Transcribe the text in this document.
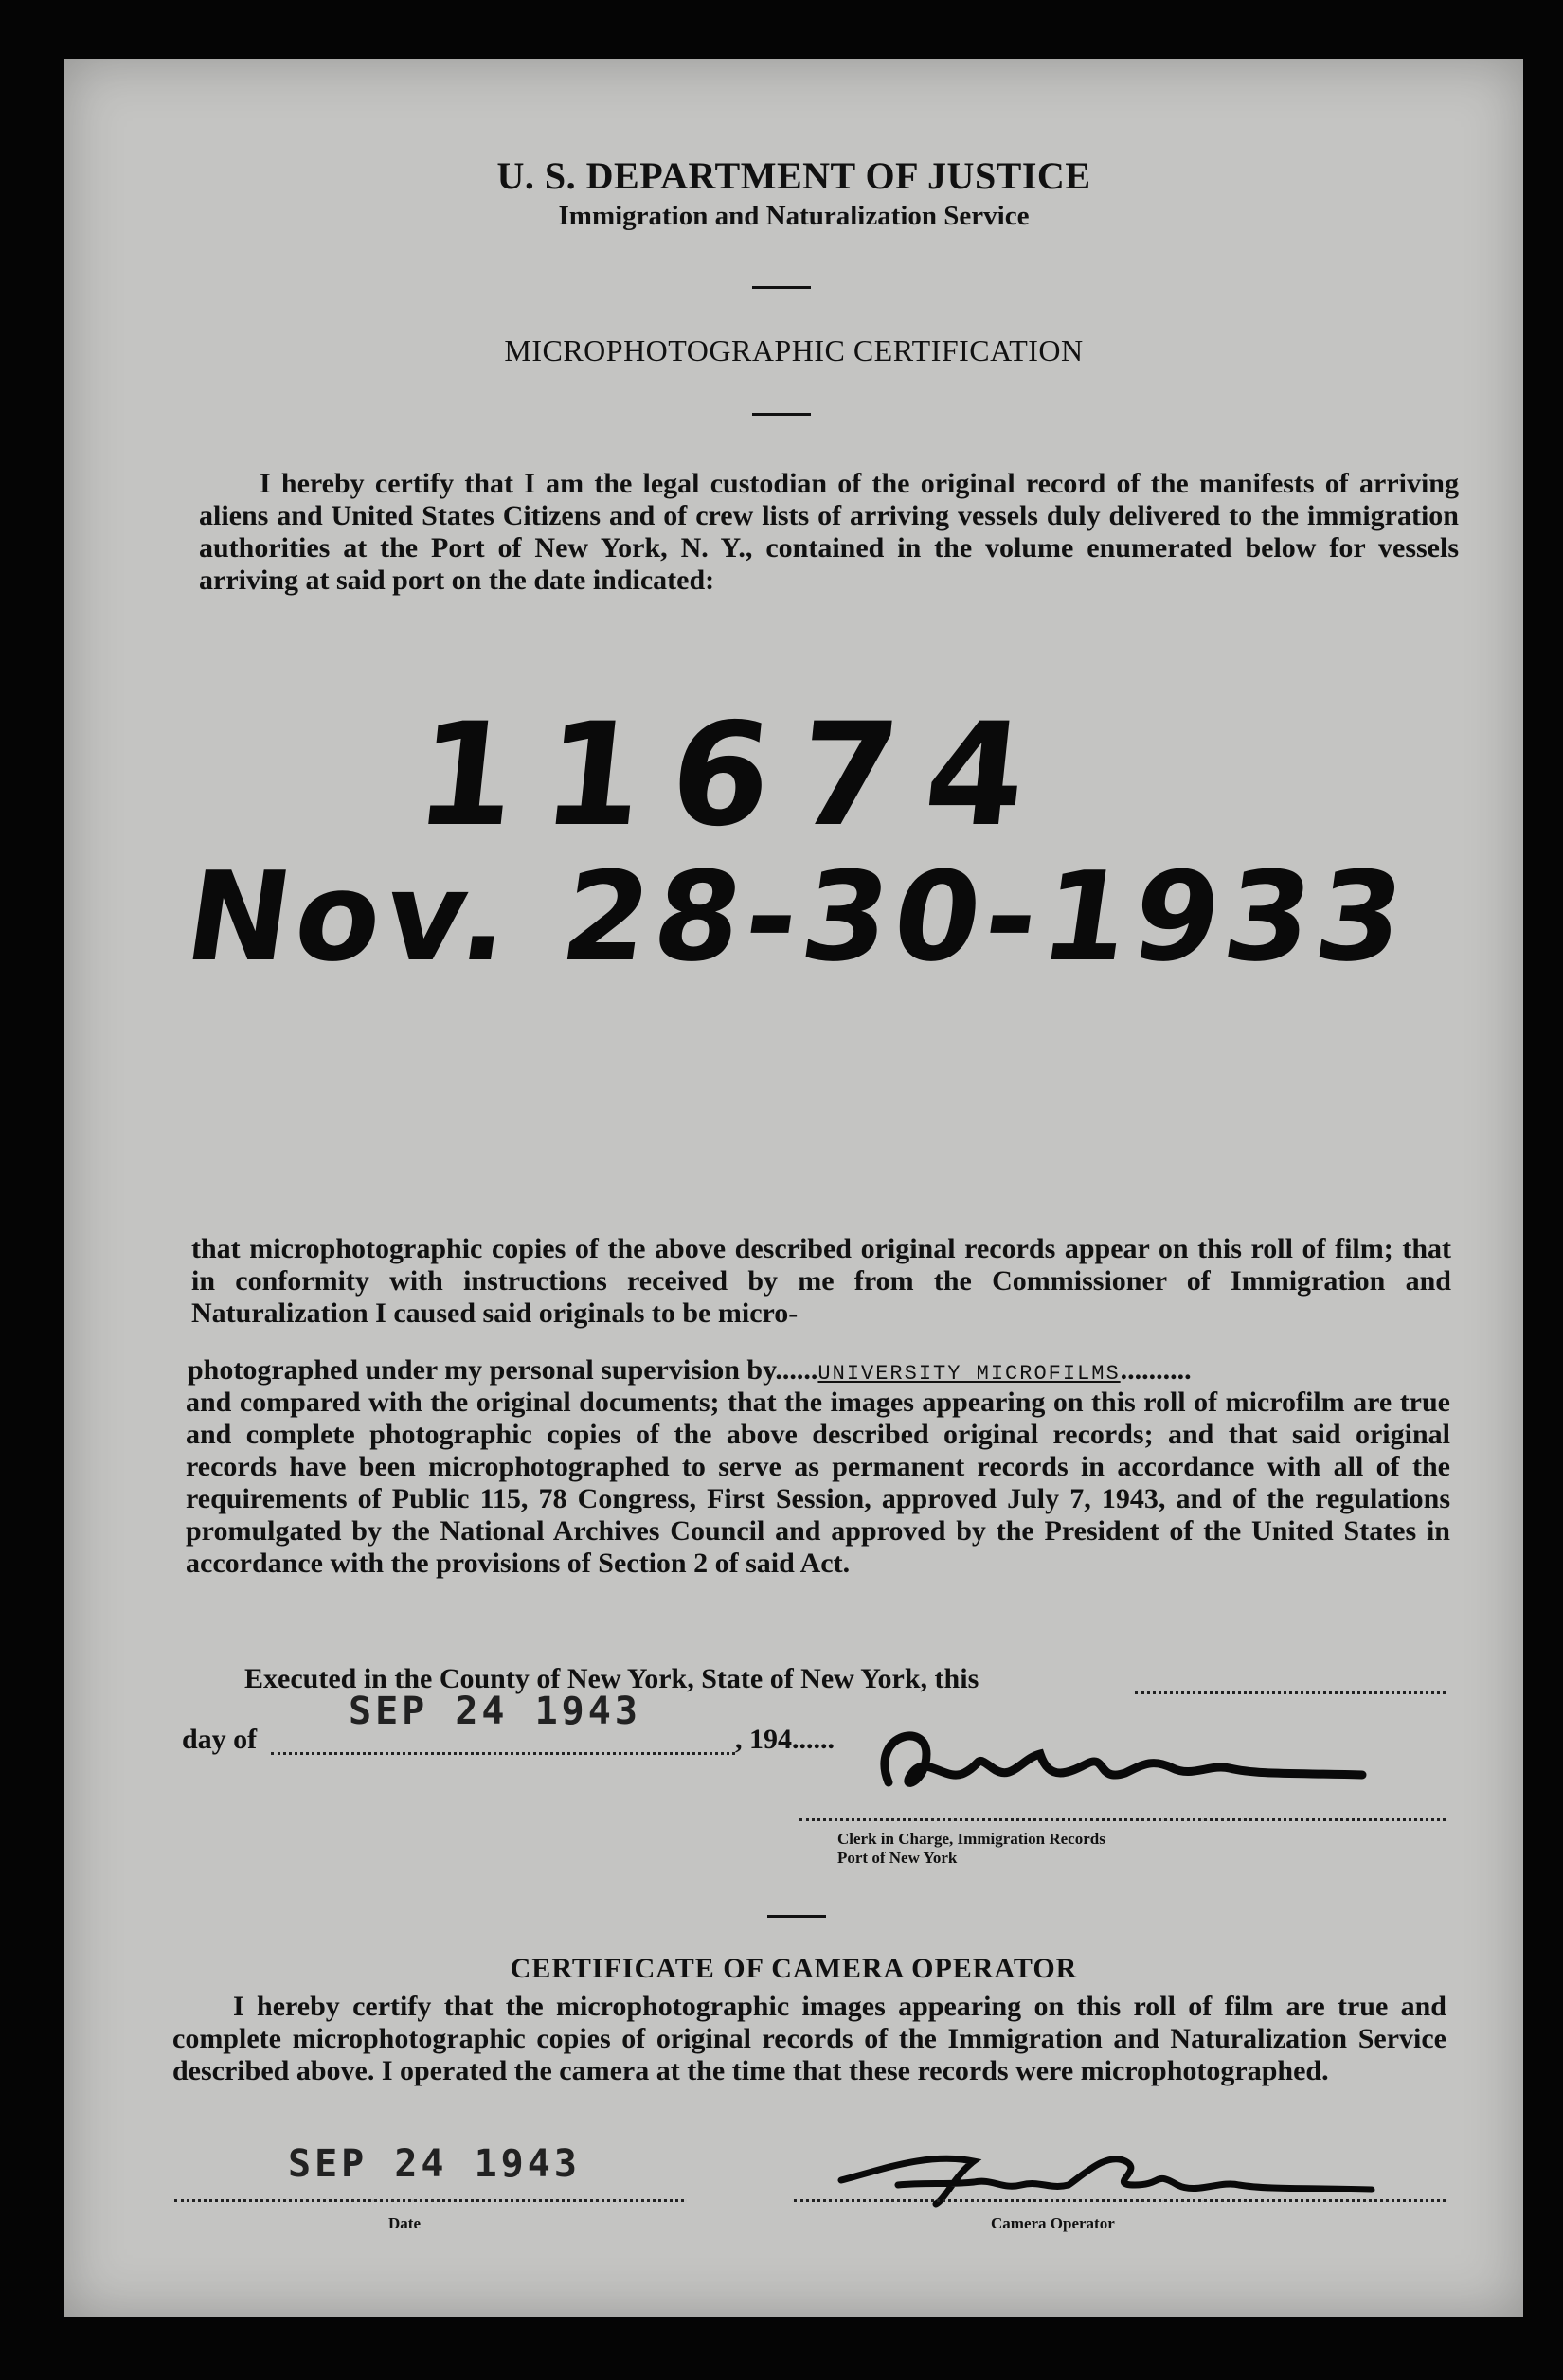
U. S. DEPARTMENT OF JUSTICE
Immigration and Naturalization Service
MICROPHOTOGRAPHIC CERTIFICATION
I hereby certify that I am the legal custodian of the original record of the manifests of arriving aliens and United States Citizens and of crew lists of arriving vessels duly delivered to the immigration authorities at the Port of New York, N. Y., contained in the volume enumerated below for vessels arriving at said port on the date indicated:
11674
Nov. 28-30-1933
that microphotographic copies of the above described original records appear on this roll of film; that in conformity with instructions received by me from the Commissioner of Immigration and Naturalization I caused said originals to be micro-
photographed under my personal supervision by......UNIVERSITY MICROFILMS..........
and compared with the original documents; that the images appearing on this roll of microfilm are true and complete photographic copies of the above described original records; and that said original records have been microphotographed to serve as permanent records in accordance with all of the requirements of Public 115, 78 Congress, First Session, approved July 7, 1943, and of the regulations promulgated by the National Archives Council and approved by the President of the United States in accordance with the provisions of Section 2 of said Act.
Executed in the County of New York, State of New York, this
day of
SEP 24 1943
, 194......
Clerk in Charge, Immigration Records
Port of New York
CERTIFICATE OF CAMERA OPERATOR
I hereby certify that the microphotographic images appearing on this roll of film are true and complete microphotographic copies of original records of the Immigration and Naturalization Service described above. I operated the camera at the time that these records were microphotographed.
SEP 24 1943
Date	Camera Operator
